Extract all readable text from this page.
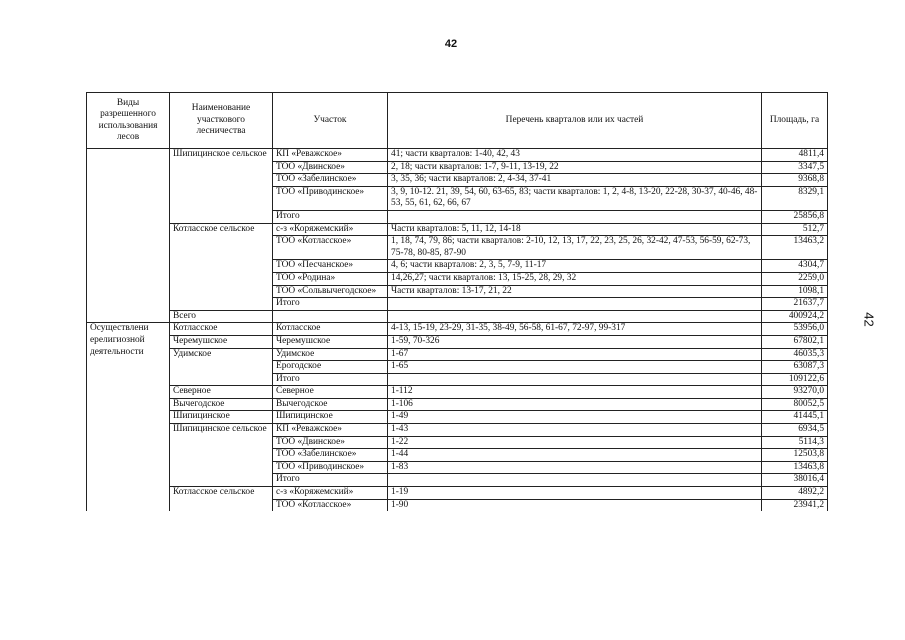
42
42
Виды разрешенного использования лесов	Наименование участкового лесничества	Участок	Перечень кварталов или их частей	Площадь, га
	Шипицинское сельское	КП «Реважское»	41; части кварталов: 1-40, 42, 43	4811,4
		ТОО «Двинское»	2, 18; части кварталов: 1-7, 9-11, 13-19, 22	3347,5
		ТОО «Забелинское»	3, 35, 36; части кварталов: 2, 4-34, 37-41	9368,8
		ТОО «Приводинское»	3, 9, 10-12. 21, 39, 54, 60, 63-65, 83; части кварталов: 1, 2, 4-8, 13-20, 22-28, 30-37, 40-46, 48-53, 55, 61, 62, 66, 67	8329,1
		Итого		25856,8
	Котласское сельское	с-з «Коряжемский»	Части кварталов: 5, 11, 12, 14-18	512,7
		ТОО «Котласское»	1, 18, 74, 79, 86; части кварталов: 2-10, 12, 13, 17, 22, 23, 25, 26, 32-42, 47-53, 56-59, 62-73, 75-78, 80-85, 87-90	13463,2
		ТОО «Песчанское»	4, 6; части кварталов: 2, 3, 5, 7-9, 11-17	4304,7
		ТОО «Родина»	14,26,27; части кварталов: 13, 15-25, 28, 29, 32	2259,0
		ТОО «Сольвычегодское»	Части кварталов: 13-17, 21, 22	1098,1
		Итого		21637,7
	Всего			400924,2
Осуществлени ерелигиозной деятельности	Котласское	Котласское	4-13, 15-19, 23-29, 31-35, 38-49, 56-58, 61-67, 72-97, 99-317	53956,0
	Черемушское	Черемушское	1-59, 70-326	67802,1
	Удимское	Удимское	1-67	46035,3
		Ерогодское	1-65	63087,3
		Итого		109122,6
	Северное	Северное	1-112	93270,0
	Вычегодское	Вычегодское	1-106	80052,5
	Шипицинское	Шипицинское	1-49	41445,1
	Шипицинское сельское	КП «Реважское»	1-43	6934,5
		ТОО «Двинское»	1-22	5114,3
		ТОО «Забелинское»	1-44	12503,8
		ТОО «Приводинское»	1-83	13463,8
		Итого		38016,4
	Котласское сельское	с-з «Коряжемский»	1-19	4892,2
		ТОО «Котласское»	1-90	23941,2
